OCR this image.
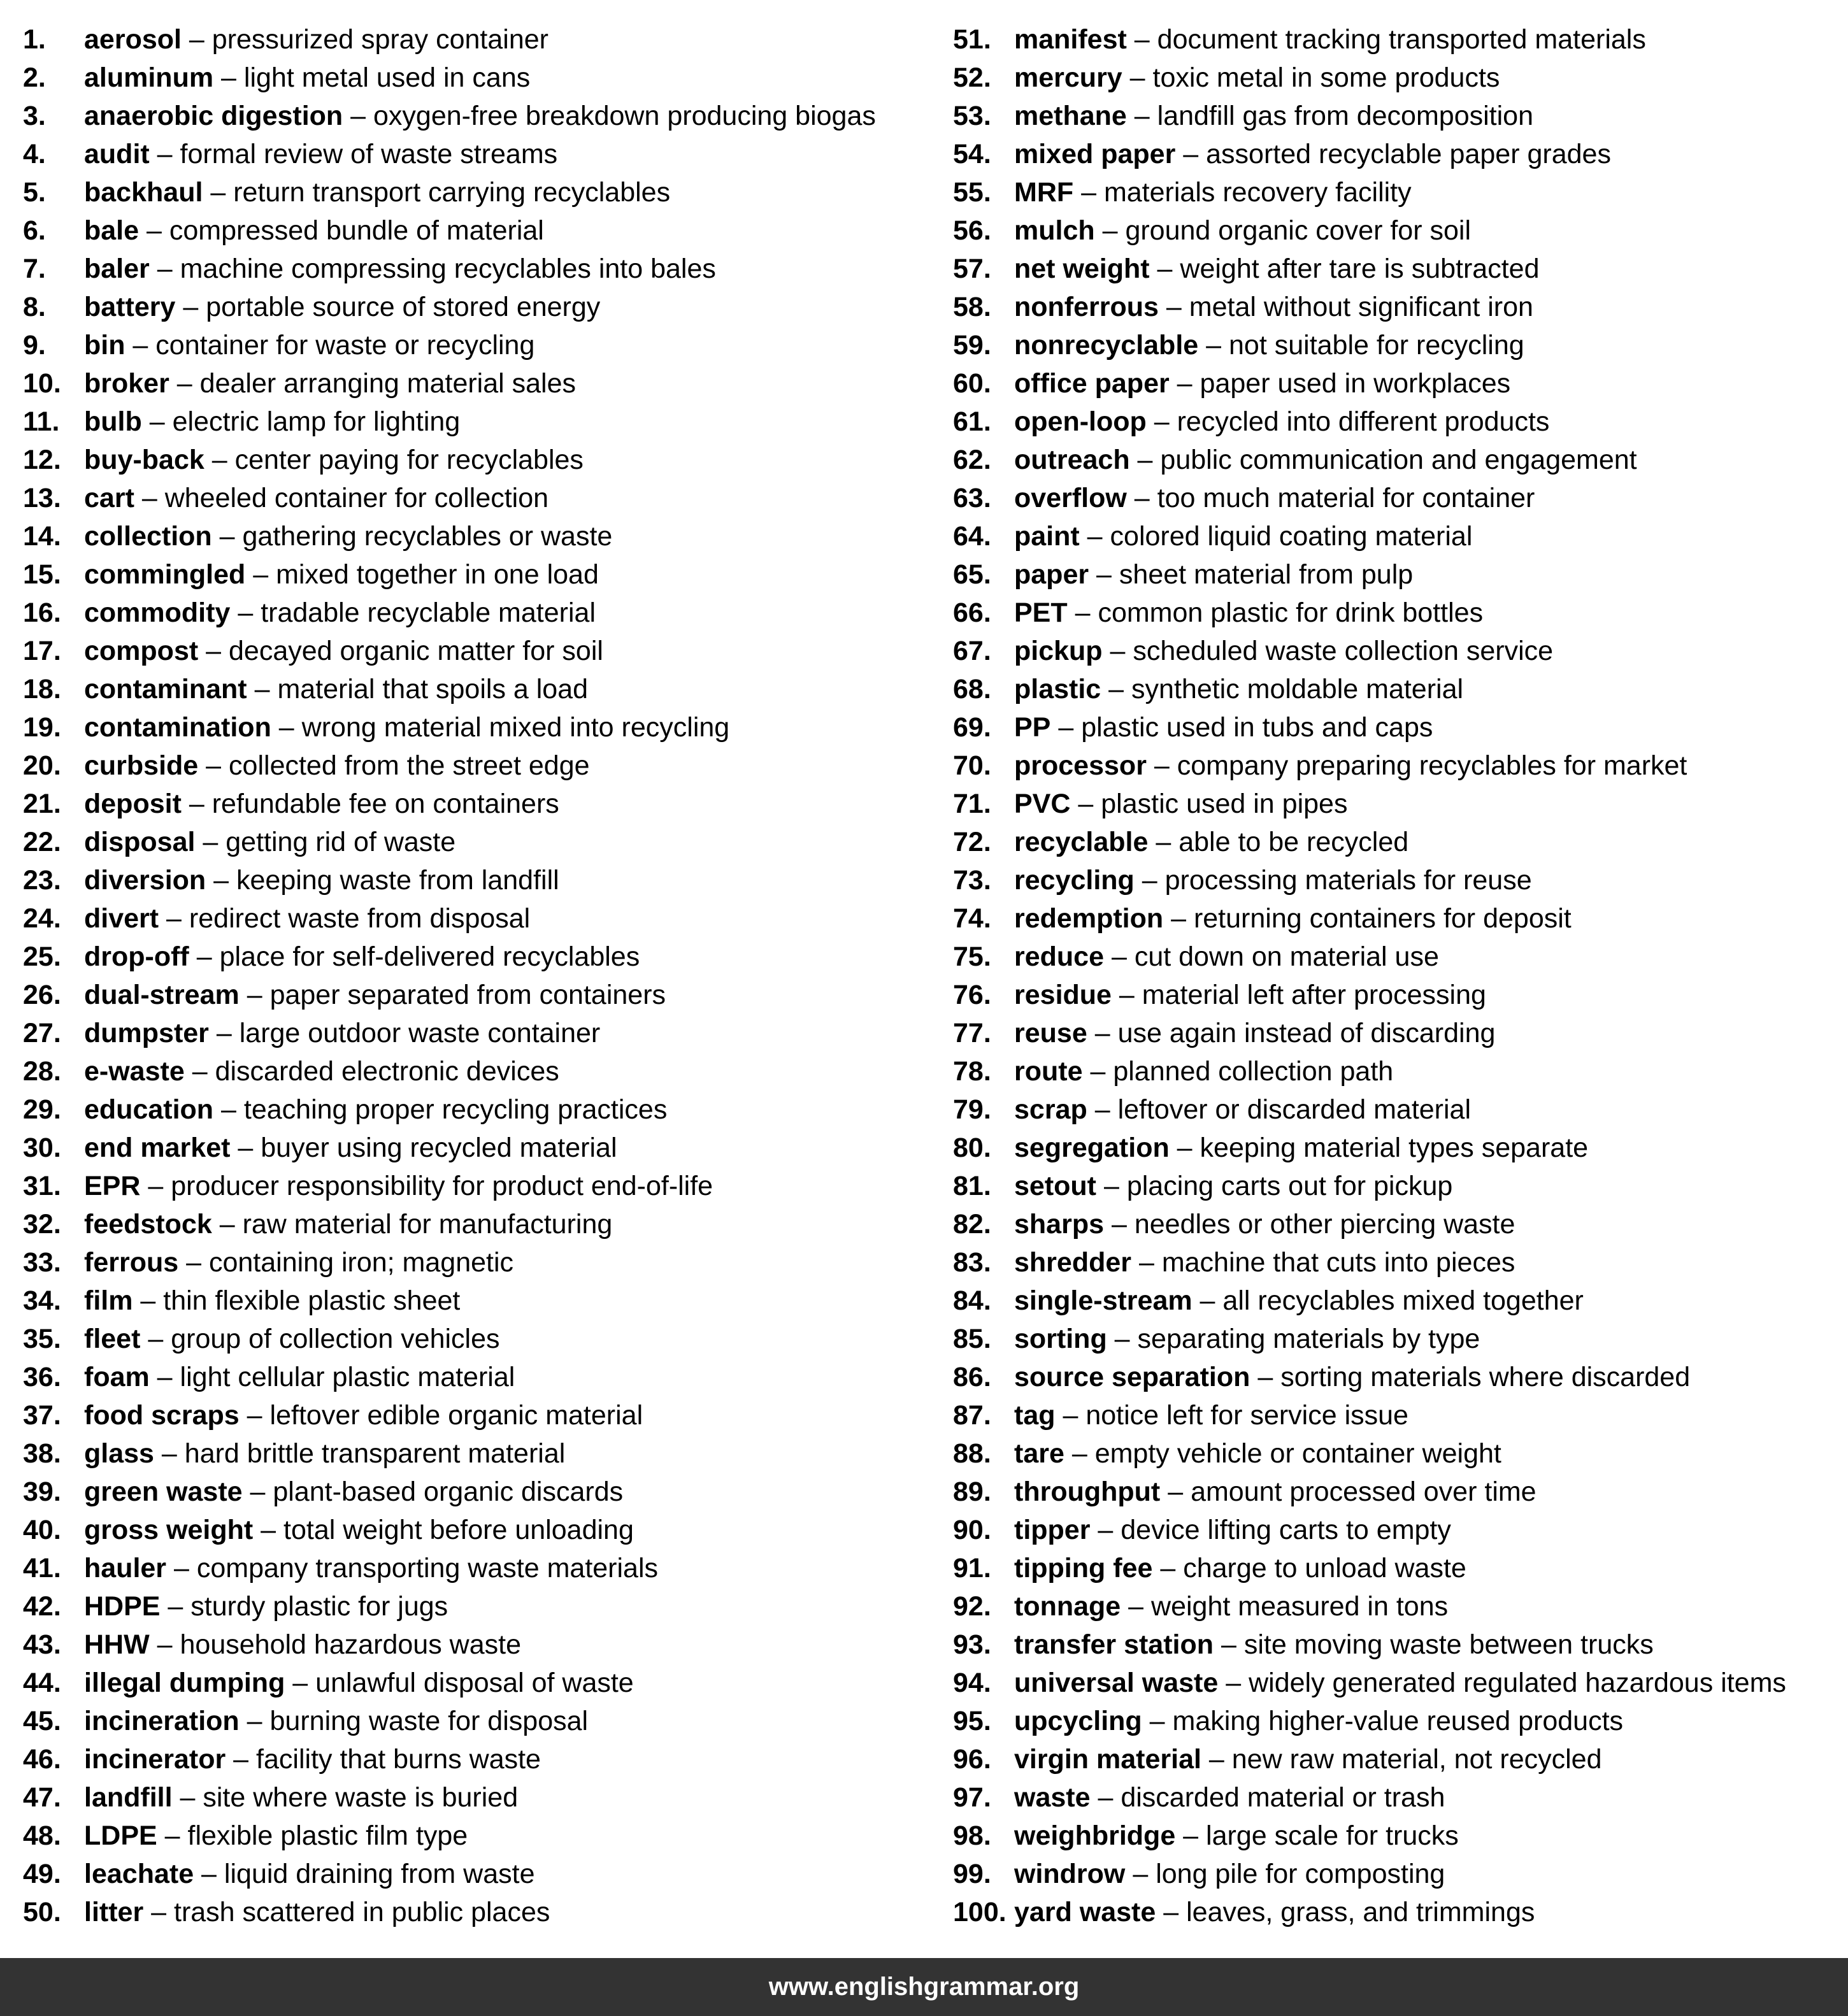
1.	aerosol – pressurized spray container
2.	aluminum – light metal used in cans
3.	anaerobic digestion – oxygen-free breakdown producing biogas
4.	audit – formal review of waste streams
5.	backhaul – return transport carrying recyclables
6.	bale – compressed bundle of material
7.	baler – machine compressing recyclables into bales
8.	battery – portable source of stored energy
9.	bin – container for waste or recycling
10. broker – dealer arranging material sales
11. bulb – electric lamp for lighting
12. buy-back – center paying for recyclables
13. cart – wheeled container for collection
14. collection – gathering recyclables or waste
15. commingled – mixed together in one load
16. commodity – tradable recyclable material
17. compost – decayed organic matter for soil
18. contaminant – material that spoils a load
19. contamination – wrong material mixed into recycling
20. curbside – collected from the street edge
21. deposit – refundable fee on containers
22. disposal – getting rid of waste
23. diversion – keeping waste from landfill
24. divert – redirect waste from disposal
25. drop-off – place for self-delivered recyclables
26. dual-stream – paper separated from containers
27. dumpster – large outdoor waste container
28. e-waste – discarded electronic devices
29. education – teaching proper recycling practices
30. end market – buyer using recycled material
31. EPR – producer responsibility for product end-of-life
32. feedstock – raw material for manufacturing
33. ferrous – containing iron; magnetic
34. film – thin flexible plastic sheet
35. fleet – group of collection vehicles
36. foam – light cellular plastic material
37. food scraps – leftover edible organic material
38. glass – hard brittle transparent material
39. green waste – plant-based organic discards
40. gross weight – total weight before unloading
41. hauler – company transporting waste materials
42. HDPE – sturdy plastic for jugs
43. HHW – household hazardous waste
44. illegal dumping – unlawful disposal of waste
45. incineration – burning waste for disposal
46. incinerator – facility that burns waste
47. landfill – site where waste is buried
48. LDPE – flexible plastic film type
49. leachate – liquid draining from waste
50. litter – trash scattered in public places
51. manifest – document tracking transported materials
52. mercury – toxic metal in some products
53. methane – landfill gas from decomposition
54. mixed paper – assorted recyclable paper grades
55. MRF – materials recovery facility
56. mulch – ground organic cover for soil
57. net weight – weight after tare is subtracted
58. nonferrous – metal without significant iron
59. nonrecyclable – not suitable for recycling
60. office paper – paper used in workplaces
61. open-loop – recycled into different products
62. outreach – public communication and engagement
63. overflow – too much material for container
64. paint – colored liquid coating material
65. paper – sheet material from pulp
66. PET – common plastic for drink bottles
67. pickup – scheduled waste collection service
68. plastic – synthetic moldable material
69. PP – plastic used in tubs and caps
70. processor – company preparing recyclables for market
71. PVC – plastic used in pipes
72. recyclable – able to be recycled
73. recycling – processing materials for reuse
74. redemption – returning containers for deposit
75. reduce – cut down on material use
76. residue – material left after processing
77. reuse – use again instead of discarding
78. route – planned collection path
79. scrap – leftover or discarded material
80. segregation – keeping material types separate
81. setout – placing carts out for pickup
82. sharps – needles or other piercing waste
83. shredder – machine that cuts into pieces
84. single-stream – all recyclables mixed together
85. sorting – separating materials by type
86. source separation – sorting materials where discarded
87. tag – notice left for service issue
88. tare – empty vehicle or container weight
89. throughput – amount processed over time
90. tipper – device lifting carts to empty
91. tipping fee – charge to unload waste
92. tonnage – weight measured in tons
93. transfer station – site moving waste between trucks
94. universal waste – widely generated regulated hazardous items
95. upcycling – making higher-value reused products
96. virgin material – new raw material, not recycled
97. waste – discarded material or trash
98. weighbridge – large scale for trucks
99. windrow – long pile for composting
100. yard waste – leaves, grass, and trimmings
www.englishgrammar.org
